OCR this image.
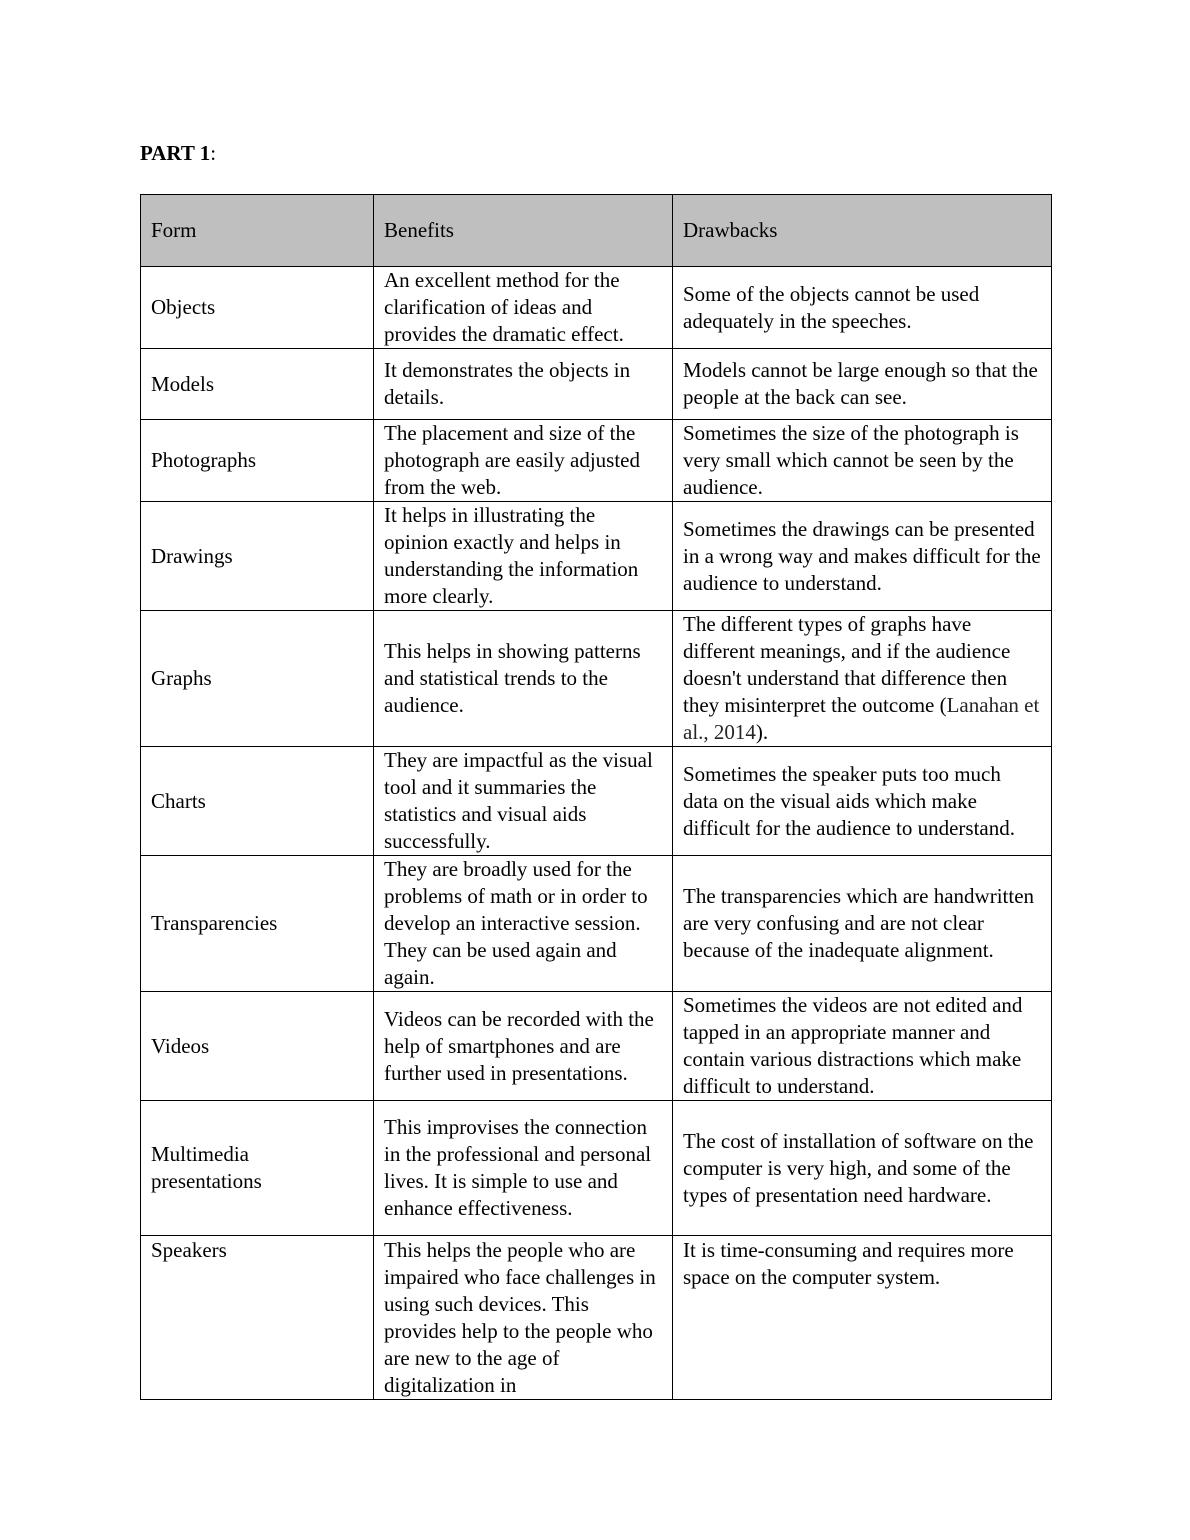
PART 1:
Form	Benefits	Drawbacks
Objects	An excellent method for the clarification of ideas and provides the dramatic effect.	Some of the objects cannot be used adequately in the speeches.
Models	It demonstrates the objects in details.	Models cannot be large enough so that the people at the back can see.
Photographs	The placement and size of the photograph are easily adjusted from the web.	Sometimes the size of the photograph is very small which cannot be seen by the audience.
Drawings	It helps in illustrating the opinion exactly and helps in understanding the information more clearly.	Sometimes the drawings can be presented in a wrong way and makes difficult for the audience to understand.
Graphs	This helps in showing patterns and statistical trends to the audience.	The different types of graphs have different meanings, and if the audience doesn't understand that difference then they misinterpret the outcome (Lanahan et al., 2014).
Charts	They are impactful as the visual tool and it summaries the statistics and visual aids successfully.	Sometimes the speaker puts too much data on the visual aids which make difficult for the audience to understand.
Transparencies	They are broadly used for the problems of math or in order to develop an interactive session. They can be used again and again.	The transparencies which are handwritten are very confusing and are not clear because of the inadequate alignment.
Videos	Videos can be recorded with the help of smartphones and are further used in presentations.	Sometimes the videos are not edited and tapped in an appropriate manner and contain various distractions which make difficult to understand.
Multimedia presentations	This improvises the connection in the professional and personal lives. It is simple to use and enhance effectiveness.	The cost of installation of software on the computer is very high, and some of the types of presentation need hardware.
Speakers	This helps the people who are impaired who face challenges in using such devices. This provides help to the people who are new to the age of digitalization in	It is time-consuming and requires more space on the computer system.
